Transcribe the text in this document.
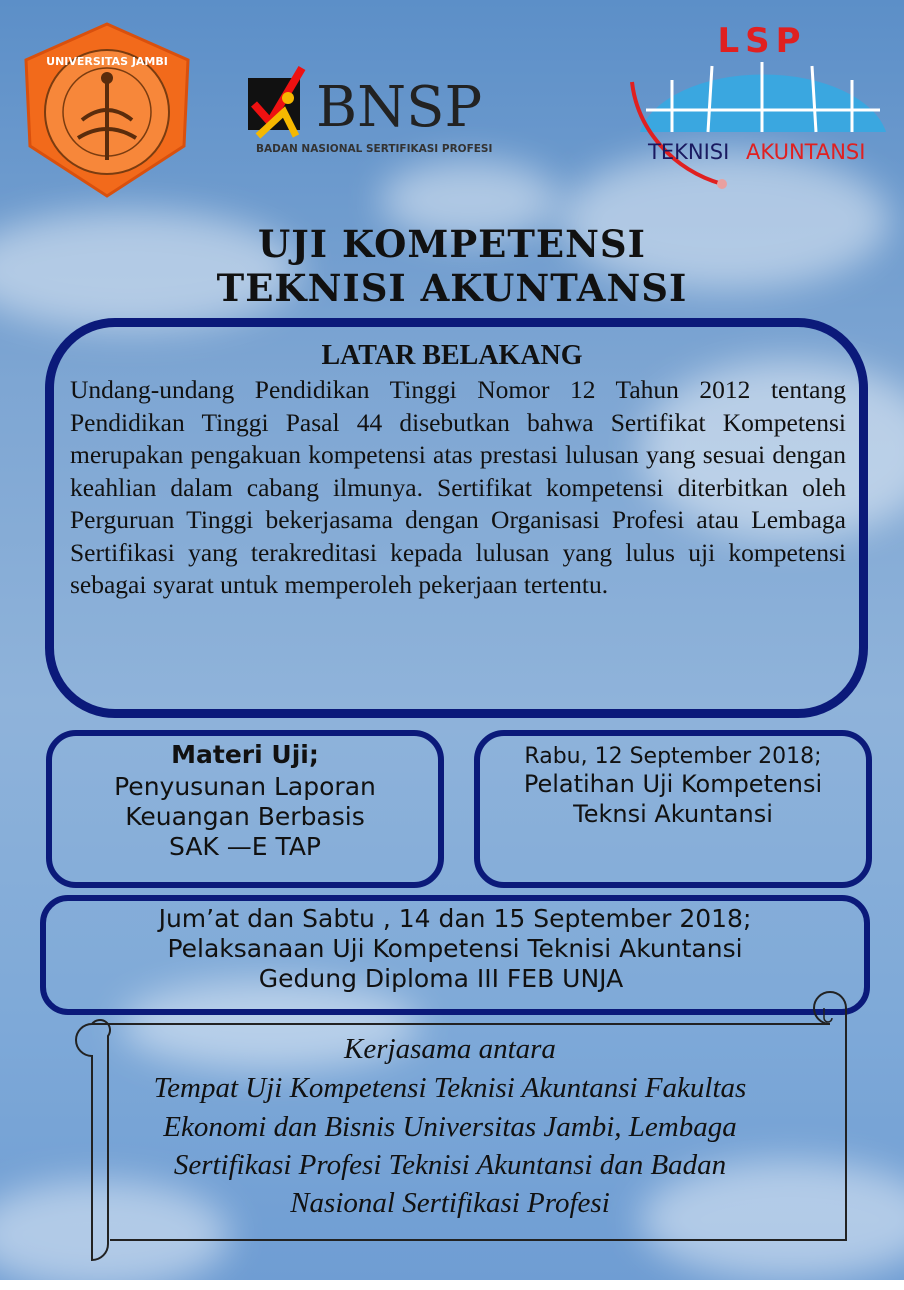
UNIVERSITAS JAMBI
BNSP
BADAN NASIONAL SERTIFIKASI PROFESI
LSP
TEKNISI AKUNTANSI
UJI KOMPETENSI
TEKNISI AKUNTANSI
LATAR BELAKANG
Undang-undang Pendidikan Tinggi Nomor 12 Tahun 2012 tentang Pendidikan Tinggi Pasal 44 disebutkan bahwa Sertifikat Kompetensi merupakan pengakuan kompetensi atas prestasi lulusan yang sesuai dengan keahlian dalam cabang ilmunya. Sertifikat kompetensi diterbitkan oleh Perguruan Tinggi bekerjasama dengan Organisasi Profesi atau Lembaga Sertifikasi yang terakreditasi kepada lulusan yang lulus uji kompetensi sebagai syarat untuk memperoleh pekerjaan tertentu.
Materi Uji;
Penyusunan Laporan
Keuangan Berbasis
SAK —E TAP
Rabu, 12 September 2018;
Pelatihan Uji Kompetensi
Teknsi Akuntansi
Jum’at dan Sabtu , 14 dan 15 September 2018;
Pelaksanaan Uji Kompetensi Teknisi Akuntansi
Gedung Diploma III FEB UNJA
Kerjasama antara
Tempat Uji Kompetensi Teknisi Akuntansi Fakultas
Ekonomi dan Bisnis Universitas Jambi, Lembaga
Sertifikasi Profesi Teknisi Akuntansi dan Badan
Nasional Sertifikasi Profesi
